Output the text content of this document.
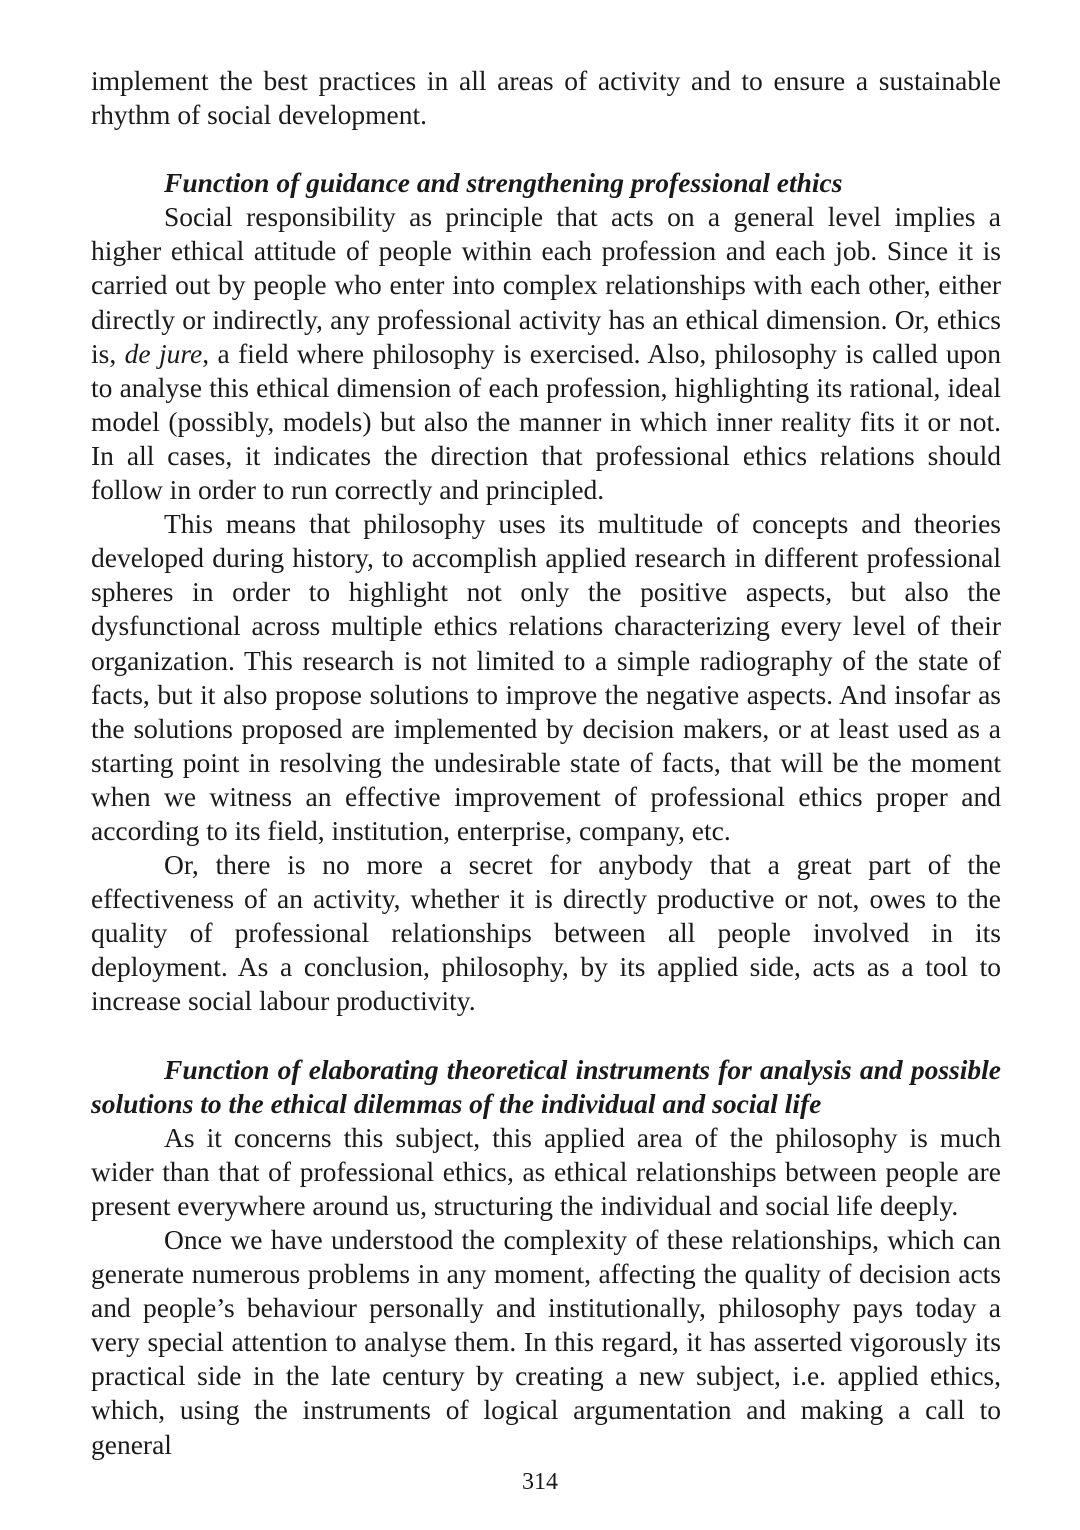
implement the best practices in all areas of activity and to ensure a sustainable rhythm of social development.

Function of guidance and strengthening professional ethics

Social responsibility as principle that acts on a general level implies a higher ethical attitude of people within each profession and each job. Since it is carried out by people who enter into complex relationships with each other, either directly or indirectly, any professional activity has an ethical dimension. Or, ethics is, de jure, a field where philosophy is exercised. Also, philosophy is called upon to analyse this ethical dimension of each profession, highlighting its rational, ideal model (possibly, models) but also the manner in which inner reality fits it or not. In all cases, it indicates the direction that professional ethics relations should follow in order to run correctly and principled.

This means that philosophy uses its multitude of concepts and theories developed during history, to accomplish applied research in different professional spheres in order to highlight not only the positive aspects, but also the dysfunctional across multiple ethics relations characterizing every level of their organization. This research is not limited to a simple radiography of the state of facts, but it also propose solutions to improve the negative aspects. And insofar as the solutions proposed are implemented by decision makers, or at least used as a starting point in resolving the undesirable state of facts, that will be the moment when we witness an effective improvement of professional ethics proper and according to its field, institution, enterprise, company, etc.

Or, there is no more a secret for anybody that a great part of the effectiveness of an activity, whether it is directly productive or not, owes to the quality of professional relationships between all people involved in its deployment. As a conclusion, philosophy, by its applied side, acts as a tool to increase social labour productivity.

Function of elaborating theoretical instruments for analysis and possible solutions to the ethical dilemmas of the individual and social life

As it concerns this subject, this applied area of the philosophy is much wider than that of professional ethics, as ethical relationships between people are present everywhere around us, structuring the individual and social life deeply.

Once we have understood the complexity of these relationships, which can generate numerous problems in any moment, affecting the quality of decision acts and people’s behaviour personally and institutionally, philosophy pays today a very special attention to analyse them. In this regard, it has asserted vigorously its practical side in the late century by creating a new subject, i.e. applied ethics, which, using the instruments of logical argumentation and making a call to general

314
